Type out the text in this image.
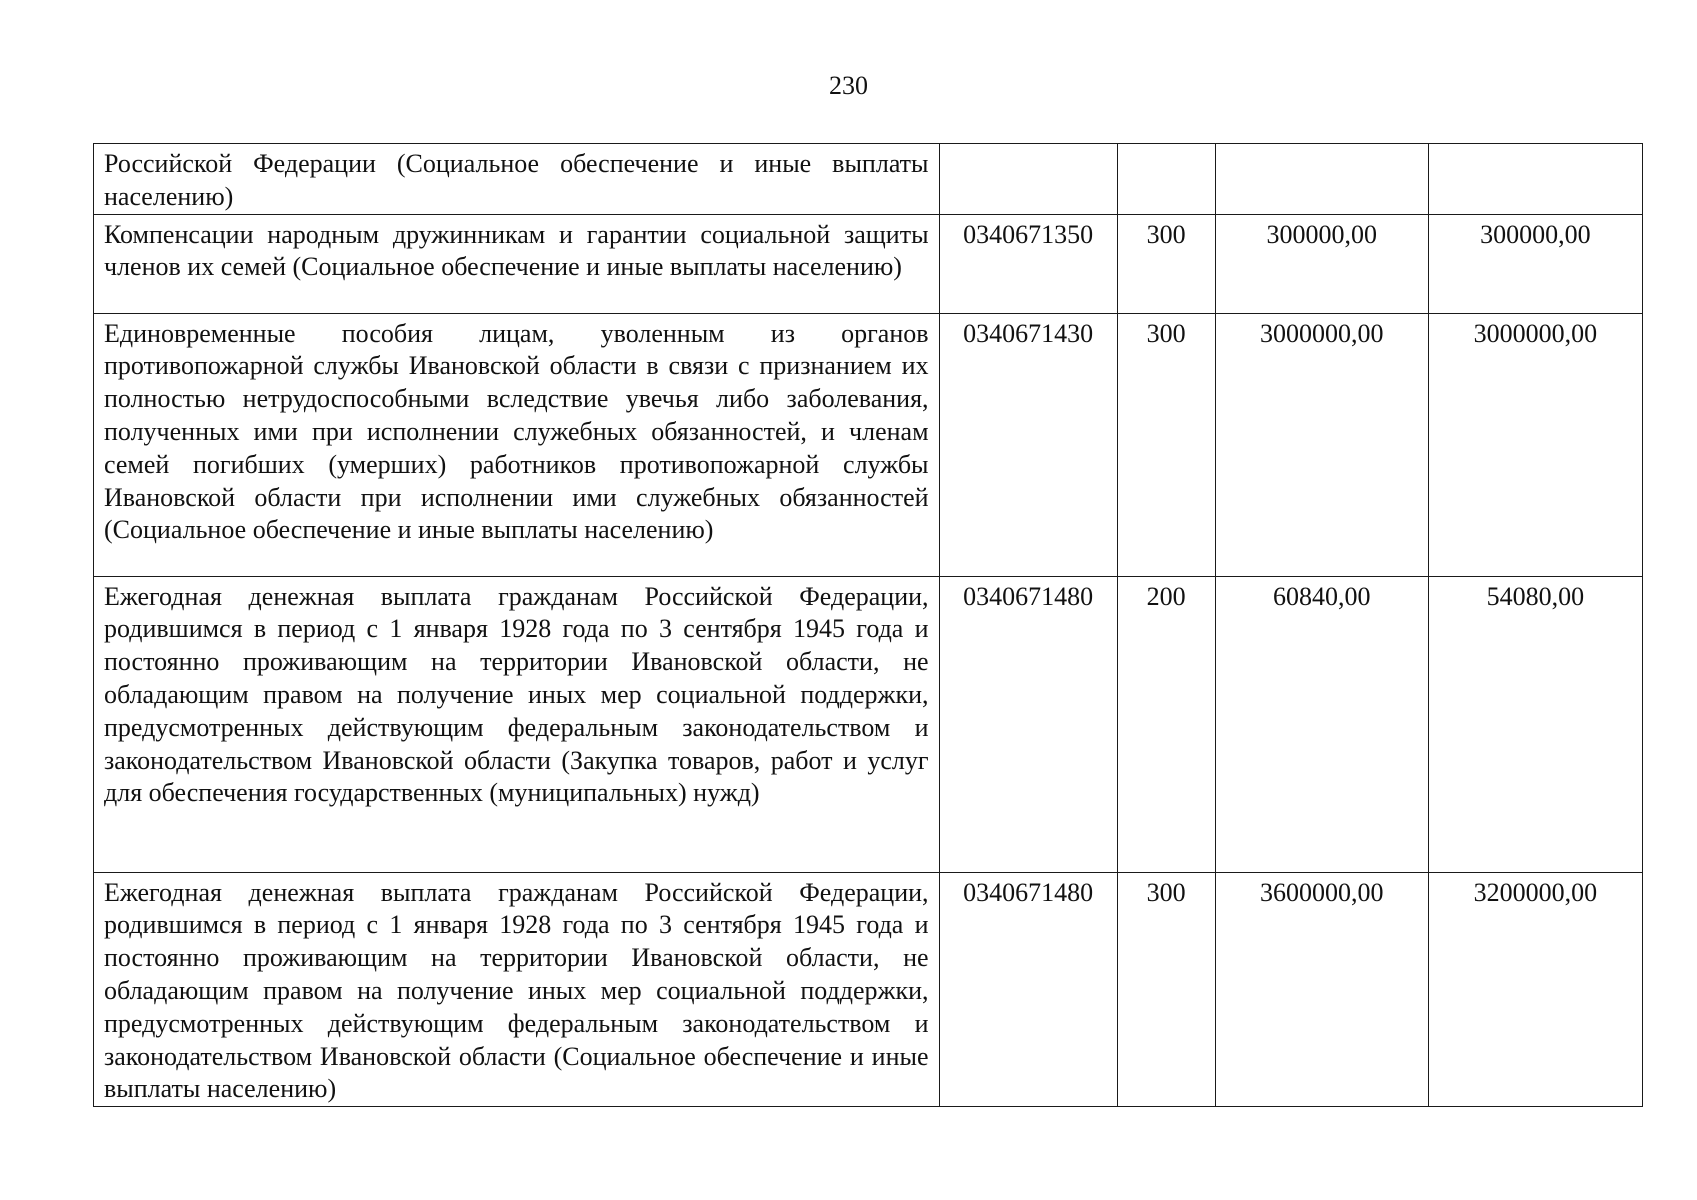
230
Российской Федерации (Социальное обеспечение и иные выплаты населению)				
Компенсации народным дружинникам и гарантии социальной защиты членов их семей (Социальное обеспечение и иные выплаты населению)	0340671350	300	300000,00	300000,00
Единовременные пособия лицам, уволенным из органов противопожарной службы Ивановской области в связи с признанием их полностью нетрудоспособными вследствие увечья либо заболевания, полученных ими при исполнении служебных обязанностей, и членам семей погибших (умерших) работников противопожарной службы Ивановской области при исполнении ими служебных обязанностей (Социальное обеспечение и иные выплаты населению)	0340671430	300	3000000,00	3000000,00
Ежегодная денежная выплата гражданам Российской Федерации, родившимся в период с 1 января 1928 года по 3 сентября 1945 года и постоянно проживающим на территории Ивановской области, не обладающим правом на получение иных мер социальной поддержки, предусмотренных действующим федеральным законодательством и законодательством Ивановской области (Закупка товаров, работ и услуг для обеспечения государственных (муниципальных) нужд)	0340671480	200	60840,00	54080,00
Ежегодная денежная выплата гражданам Российской Федерации, родившимся в период с 1 января 1928 года по 3 сентября 1945 года и постоянно проживающим на территории Ивановской области, не обладающим правом на получение иных мер социальной поддержки, предусмотренных действующим федеральным законодательством и законодательством Ивановской области (Социальное обеспечение и иные выплаты населению)	0340671480	300	3600000,00	3200000,00
